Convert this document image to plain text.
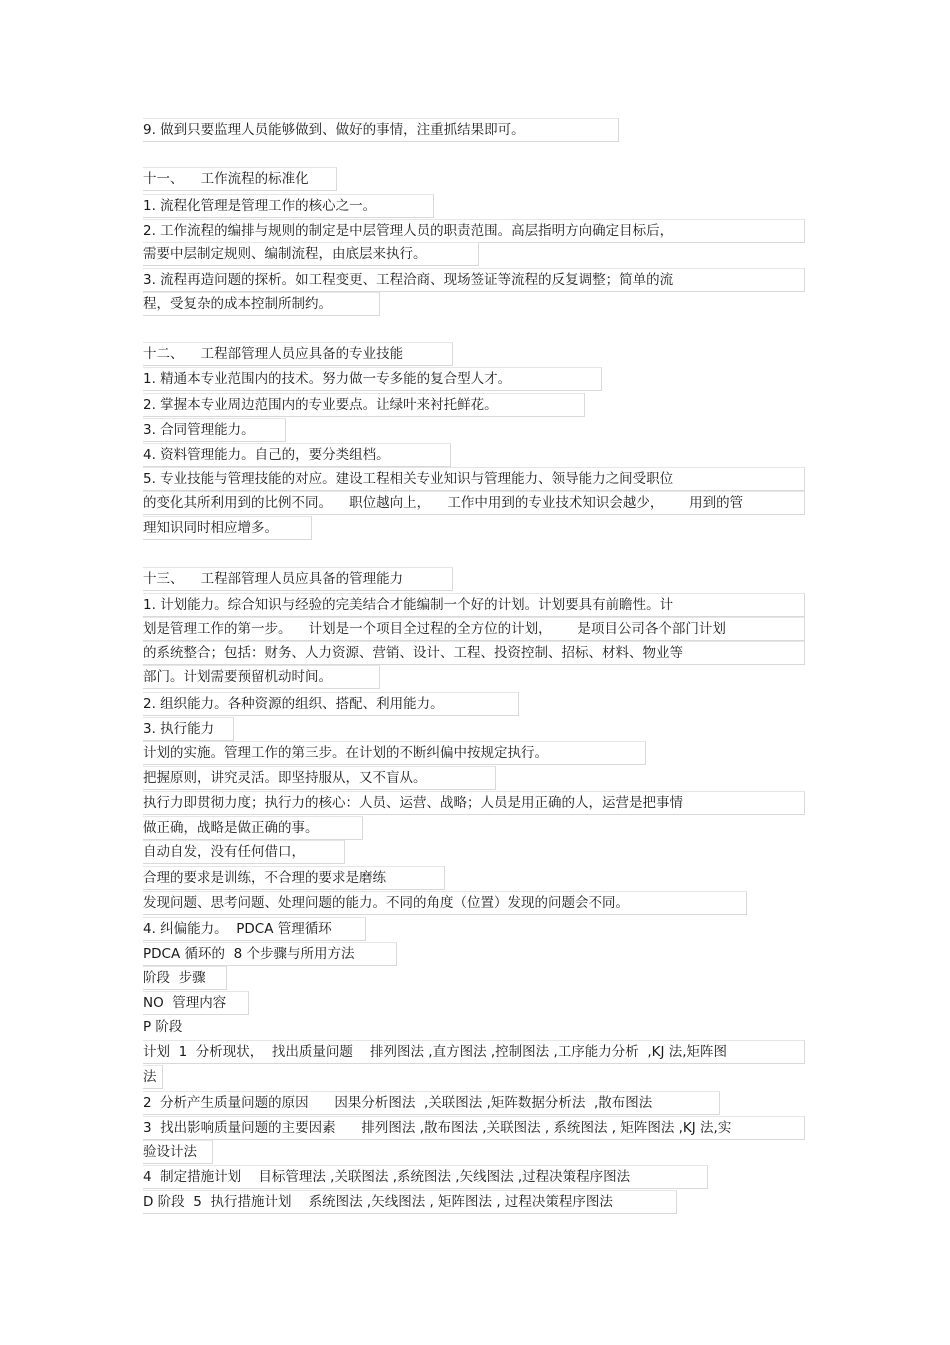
9. 做到只要监理人员能够做到、做好的事情，注重抓结果即可。
十一、    工作流程的标准化
1. 流程化管理是管理工作的核心之一。
2. 工作流程的编排与规则的制定是中层管理人员的职责范围。高层指明方向确定目标后，
需要中层制定规则、编制流程，由底层来执行。
3. 流程再造问题的探析。如工程变更、工程洽商、现场签证等流程的反复调整；简单的流
程，受复杂的成本控制所制约。
十二、    工程部管理人员应具备的专业技能
1. 精通本专业范围内的技术。努力做一专多能的复合型人才。
2. 掌握本专业周边范围内的专业要点。让绿叶来衬托鲜花。
3. 合同管理能力。
4. 资料管理能力。自己的，要分类组档。
5. 专业技能与管理技能的对应。建设工程相关专业知识与管理能力、领导能力之间受职位
的变化其所利用到的比例不同。    职位越向上，    工作中用到的专业技术知识会越少，      用到的管
理知识同时相应增多。
十三、    工程部管理人员应具备的管理能力
1. 计划能力。综合知识与经验的完美结合才能编制一个好的计划。计划要具有前瞻性。计
划是管理工作的第一步。    计划是一个项目全过程的全方位的计划，      是项目公司各个部门计划
的系统整合；包括：财务、人力资源、营销、设计、工程、投资控制、招标、材料、物业等
部门。计划需要预留机动时间。
2. 组织能力。各种资源的组织、搭配、利用能力。
3. 执行能力
计划的实施。管理工作的第三步。在计划的不断纠偏中按规定执行。
把握原则，讲究灵活。即坚持服从，又不盲从。
执行力即贯彻力度；执行力的核心：人员、运营、战略；人员是用正确的人，运营是把事情
做正确，战略是做正确的事。
自动自发，没有任何借口，
合理的要求是训练，不合理的要求是磨练
发现问题、思考问题、处理问题的能力。不同的角度（位置）发现的问题会不同。
4. 纠偏能力。  PDCA 管理循环
PDCA 循环的  8 个步骤与所用方法
阶段  步骤
NO  管理内容
P 阶段
计划  1  分析现状，  找出质量问题    排列图法 ,直方图法 ,控制图法 ,工序能力分析  ,KJ 法,矩阵图
法
2  分析产生质量问题的原因      因果分析图法  ,关联图法 ,矩阵数据分析法  ,散布图法
3  找出影响质量问题的主要因素      排列图法 ,散布图法 ,关联图法 , 系统图法 , 矩阵图法 ,KJ 法,实
验设计法
4  制定措施计划    目标管理法 ,关联图法 ,系统图法 ,矢线图法 ,过程决策程序图法
D 阶段  5  执行措施计划    系统图法 ,矢线图法 , 矩阵图法 , 过程决策程序图法
